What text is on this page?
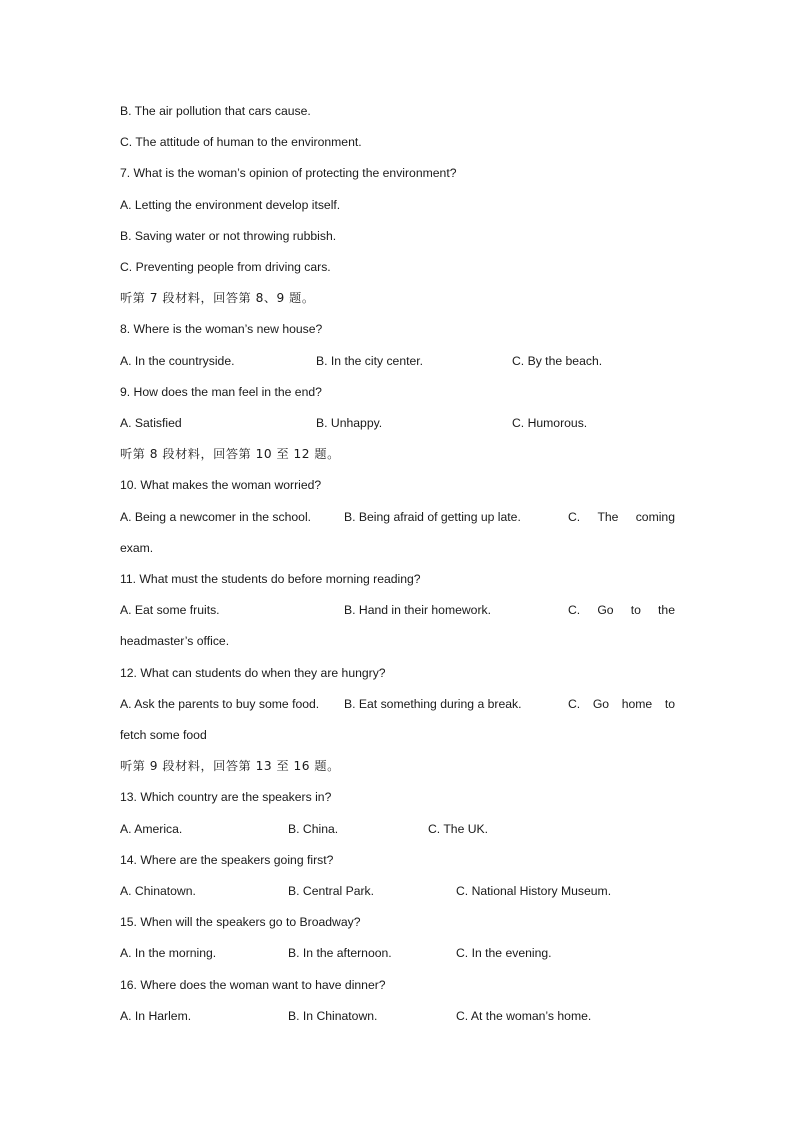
B. The air pollution that cars cause.
C. The attitude of human to the environment.
7. What is the woman’s opinion of protecting the environment?
A. Letting the environment develop itself.
B. Saving water or not throwing rubbish.
C. Preventing people from driving cars.
听第 7 段材料，回答第 8、9 题。
8. Where is the woman’s new house?
A. In the countryside.	B. In the city center.	C. By the beach.
9. How does the man feel in the end?
A. Satisfied	B. Unhappy.	C. Humorous.
听第 8 段材料，回答第 10 至 12 题。
10. What makes the woman worried?
A. Being a newcomer in the school.	B. Being afraid of getting up late.	C. The coming
exam.
11. What must the students do before morning reading?
A. Eat some fruits.	B. Hand in their homework.	C. Go to the
headmaster’s office.
12. What can students do when they are hungry?
A. Ask the parents to buy some food. B. Eat something during a break.	C. Go home to
fetch some food
听第 9 段材料，回答第 13 至 16 题。
13. Which country are the speakers in?
A. America.	B. China.	C. The UK.
14. Where are the speakers going first?
A. Chinatown.	B. Central Park.	C. National History Museum.
15. When will the speakers go to Broadway?
A. In the morning.	B. In the afternoon.	C. In the evening.
16. Where does the woman want to have dinner?
A. In Harlem.	B. In Chinatown.	C. At the woman’s home.
